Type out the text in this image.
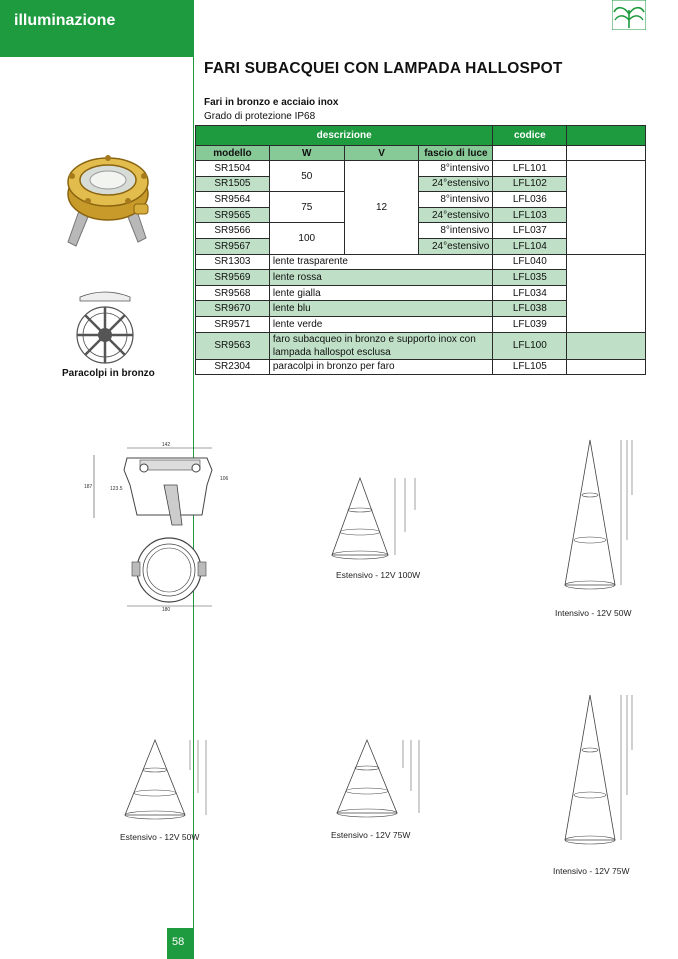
illuminazione
FARI SUBACQUEI CON LAMPADA HALLOSPOT
Fari in bronzo e acciaio inox
Grado di protezione IP68
descrizione				codice	
modello	W	V	fascio di luce		
SR1504	50	12	8°intensivo	LFL101	
SR1505			24°estensivo	LFL102	
SR9564	75		8°intensivo	LFL036	
SR9565			24°estensivo	LFL103	
SR9566	100		8°intensivo	LFL037	
SR9567			24°estensivo	LFL104	
SR1303	lente trasparente			LFL040	
SR9569	lente rossa			LFL035	
SR9568	lente gialla			LFL034	
SR9670	lente blu			LFL038	
SR9571	lente verde			LFL039	
SR9563	faro subacqueo in bronzo e supporto inox con lampada hallospot esclusa			LFL100	
SR2304	paracolpi in bronzo per faro			LFL105	
Paracolpi in bronzo
142
187	123.5
106
180
Estensivo - 12V 100W
Intensivo - 12V 50W
Estensivo - 12V 50W	Estensivo - 12V 75W
Intensivo - 12V 75W
58
